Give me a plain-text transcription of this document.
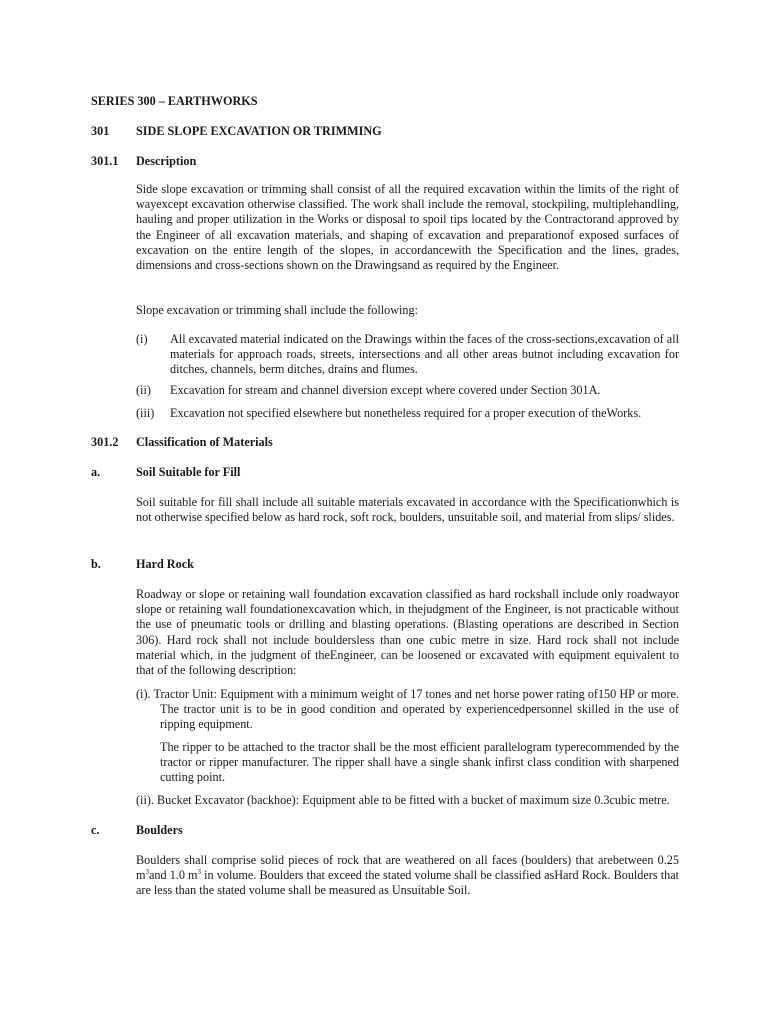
SERIES 300 – EARTHWORKS
301 SIDE SLOPE EXCAVATION OR TRIMMING
301.1 Description
Side slope excavation or trimming shall consist of all the required excavation within the limits of the right of wayexcept excavation otherwise classified. The work shall include the removal, stockpiling, multiplehandling, hauling and proper utilization in the Works or disposal to spoil tips located by the Contractorand approved by the Engineer of all excavation materials, and shaping of excavation and preparationof exposed surfaces of excavation on the entire length of the slopes, in accordancewith the Specification and the lines, grades, dimensions and cross-sections shown on the Drawingsand as required by the Engineer.
Slope excavation or trimming shall include the following:
(i) All excavated material indicated on the Drawings within the faces of the cross-sections,excavation of all materials for approach roads, streets, intersections and all other areas butnot including excavation for ditches, channels, berm ditches, drains and flumes.
(ii) Excavation for stream and channel diversion except where covered under Section 301A.
(iii) Excavation not specified elsewhere but nonetheless required for a proper execution of theWorks.
301.2 Classification of Materials
a.	Soil Suitable for Fill
Soil suitable for fill shall include all suitable materials excavated in accordance with the Specificationwhich is not otherwise specified below as hard rock, soft rock, boulders, unsuitable soil, and material from slips/ slides.
b.	Hard Rock
Roadway or slope or retaining wall foundation excavation classified as hard rockshall include only roadwayor slope or retaining wall foundationexcavation which, in thejudgment of the Engineer, is not practicable without the use of pneumatic tools or drilling and blasting operations. (Blasting operations are described in Section 306). Hard rock shall not include bouldersless than one cubic metre in size. Hard rock shall not include material which, in the judgment of theEngineer, can be loosened or excavated with equipment equivalent to that of the following description:
(i). Tractor Unit: Equipment with a minimum weight of 17 tones and net horse power rating of150 HP or more. The tractor unit is to be in good condition and operated by experiencedpersonnel skilled in the use of ripping equipment.
The ripper to be attached to the tractor shall be the most efficient parallelogram typerecommended by the tractor or ripper manufacturer. The ripper shall have a single shank infirst class condition with sharpened cutting point.
(ii). Bucket Excavator (backhoe): Equipment able to be fitted with a bucket of maximum size 0.3cubic metre.
c.	Boulders
Boulders shall comprise solid pieces of rock that are weathered on all faces (boulders) that arebetween 0.25 $m^3and$ 1.0 $m^3$ in volume. Boulders that exceed the stated volume shall be classified asHard Rock. Boulders that are less than the stated volume shall be measured as Unsuitable Soil.
